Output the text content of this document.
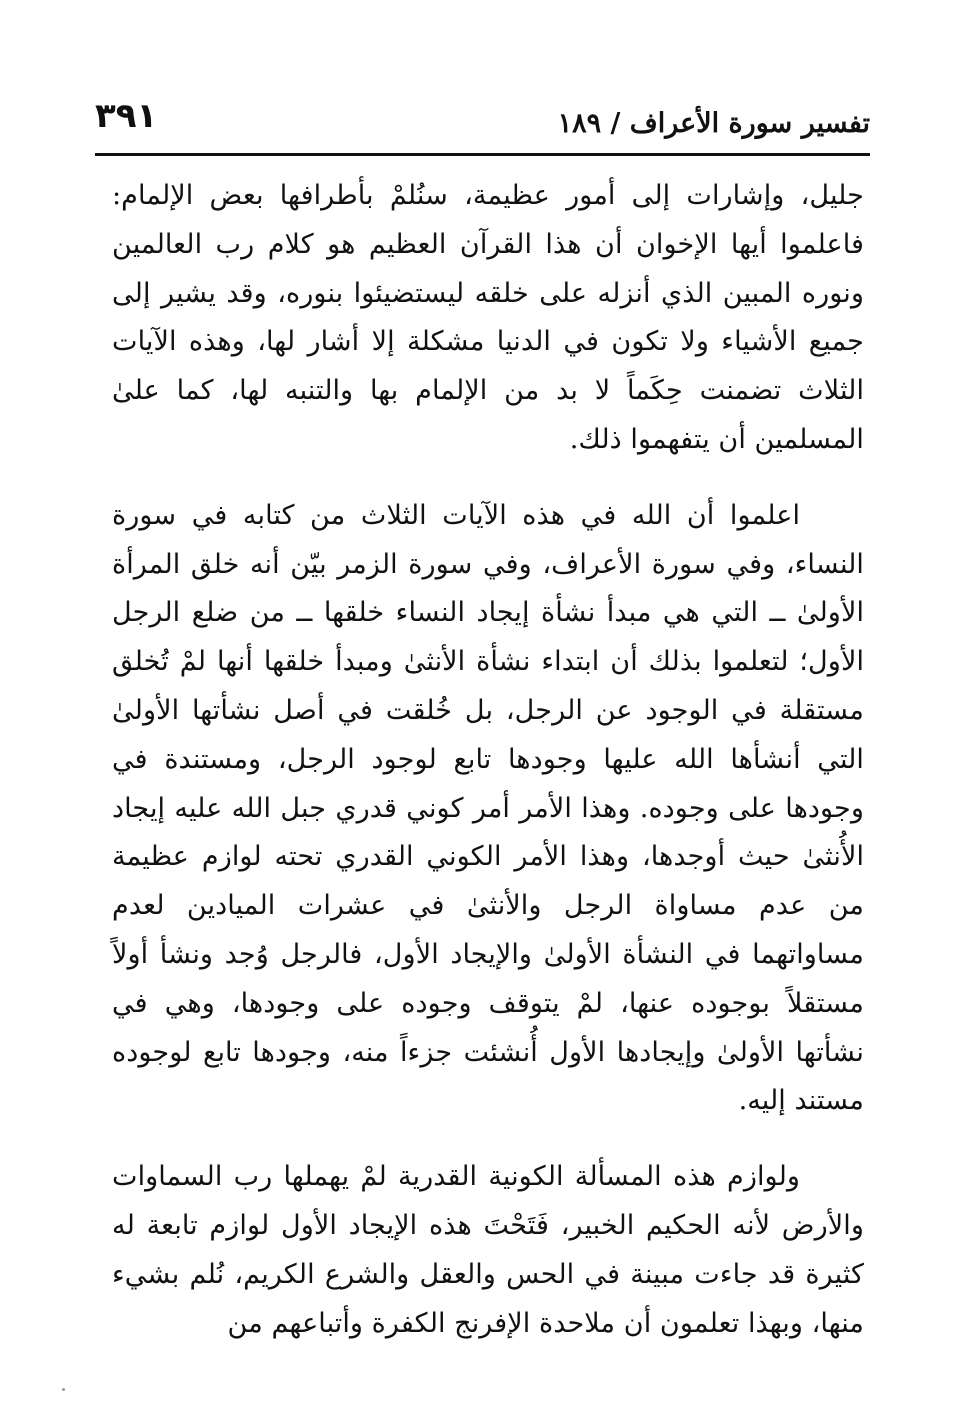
٣٩١	تفسير سورة الأعراف / ١٨٩

جليل، وإشارات إلى أمور عظيمة، سنُلمْ بأطرافها بعض الإلمام: فاعلموا أيها الإخوان أن هذا القرآن العظيم هو كلام رب العالمين ونوره المبين الذي أنزله على خلقه ليستضيئوا بنوره، وقد يشير إلى جميع الأشياء ولا تكون في الدنيا مشكلة إلا أشار لها، وهذه الآيات الثلاث تضمنت حِكَماً لا بد من الإلمام بها والتنبه لها، كما علىٰ المسلمين أن يتفهموا ذلك.

اعلموا أن الله في هذه الآيات الثلاث من كتابه في سورة النساء، وفي سورة الأعراف، وفي سورة الزمر بيّن أنه خلق المرأة الأولىٰ ــ التي هي مبدأ نشأة إيجاد النساء خلقها ــ من ضلع الرجل الأول؛ لتعلموا بذلك أن ابتداء نشأة الأنثىٰ ومبدأ خلقها أنها لمْ تُخلق مستقلة في الوجود عن الرجل، بل خُلقت في أصل نشأتها الأولىٰ التي أنشأها الله عليها وجودها تابع لوجود الرجل، ومستندة في وجودها على وجوده. وهذا الأمر أمر كوني قدري جبل الله عليه إيجاد الأُنثىٰ حيث أوجدها، وهذا الأمر الكوني القدري تحته لوازم عظيمة من عدم مساواة الرجل والأنثىٰ في عشرات الميادين لعدم مساواتهما في النشأة الأولىٰ والإيجاد الأول، فالرجل وُجد ونشأ أولاً مستقلاً بوجوده عنها، لمْ يتوقف وجوده على وجودها، وهي في نشأتها الأولىٰ وإيجادها الأول أُنشئت جزءاً منه، وجودها تابع لوجوده مستند إليه.

ولوازم هذه المسألة الكونية القدرية لمْ يهملها رب السماوات والأرض لأنه الحكيم الخبير، فَتَحْتَ هذه الإيجاد الأول لوازم تابعة له كثيرة قد جاءت مبينة في الحس والعقل والشرع الكريم، نُلم بشيء منها، وبهذا تعلمون أن ملاحدة الإفرنج الكفرة وأتباعهم من
